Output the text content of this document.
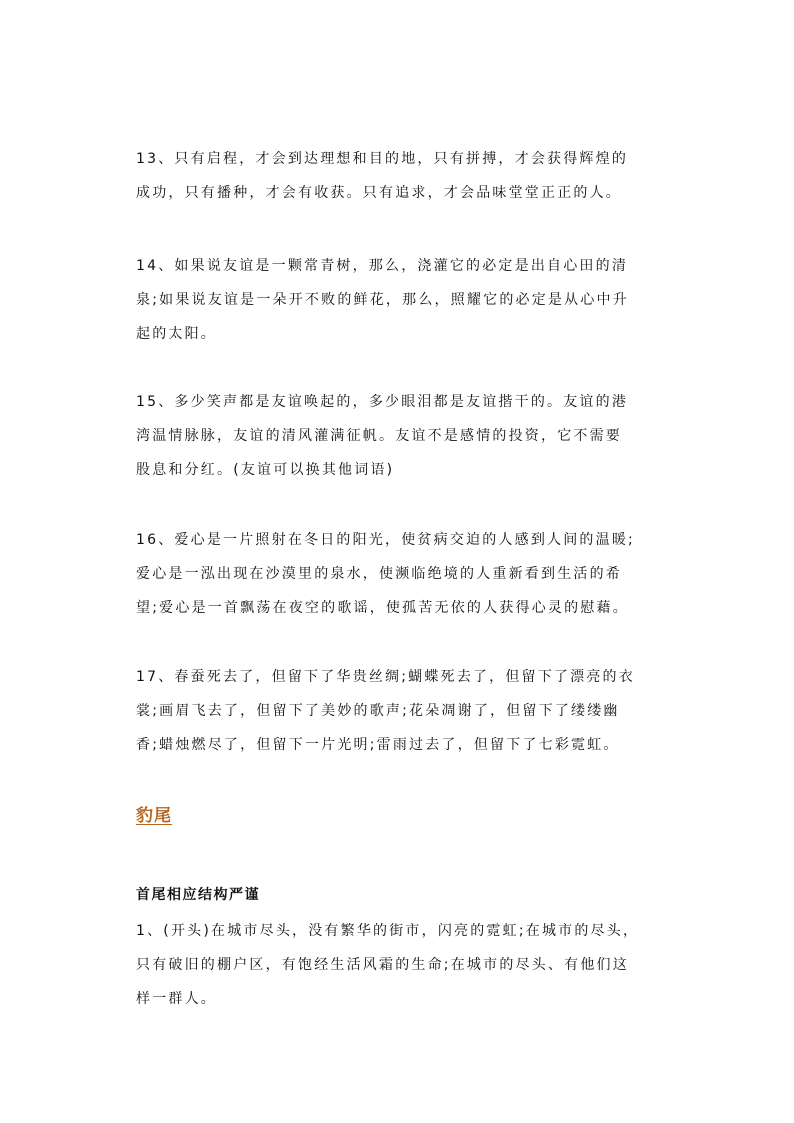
13、只有启程，才会到达理想和目的地，只有拼搏，才会获得辉煌的
成功，只有播种，才会有收获。只有追求，才会品味堂堂正正的人。
14、如果说友谊是一颗常青树，那么，浇灌它的必定是出自心田的清
泉;如果说友谊是一朵开不败的鲜花，那么，照耀它的必定是从心中升
起的太阳。
15、多少笑声都是友谊唤起的，多少眼泪都是友谊揩干的。友谊的港
湾温情脉脉，友谊的清风灌满征帆。友谊不是感情的投资，它不需要
股息和分红。(友谊可以换其他词语)
16、爱心是一片照射在冬日的阳光，使贫病交迫的人感到人间的温暖;
爱心是一泓出现在沙漠里的泉水，使濒临绝境的人重新看到生活的希
望;爱心是一首飘荡在夜空的歌谣，使孤苦无依的人获得心灵的慰藉。
17、春蚕死去了，但留下了华贵丝绸;蝴蝶死去了，但留下了漂亮的衣
裳;画眉飞去了，但留下了美妙的歌声;花朵凋谢了，但留下了缕缕幽
香;蜡烛燃尽了，但留下一片光明;雷雨过去了，但留下了七彩霓虹。
豹尾
首尾相应结构严谨
1、(开头)在城市尽头，没有繁华的街市，闪亮的霓虹;在城市的尽头，
只有破旧的棚户区，有饱经生活风霜的生命;在城市的尽头、有他们这
样一群人。
